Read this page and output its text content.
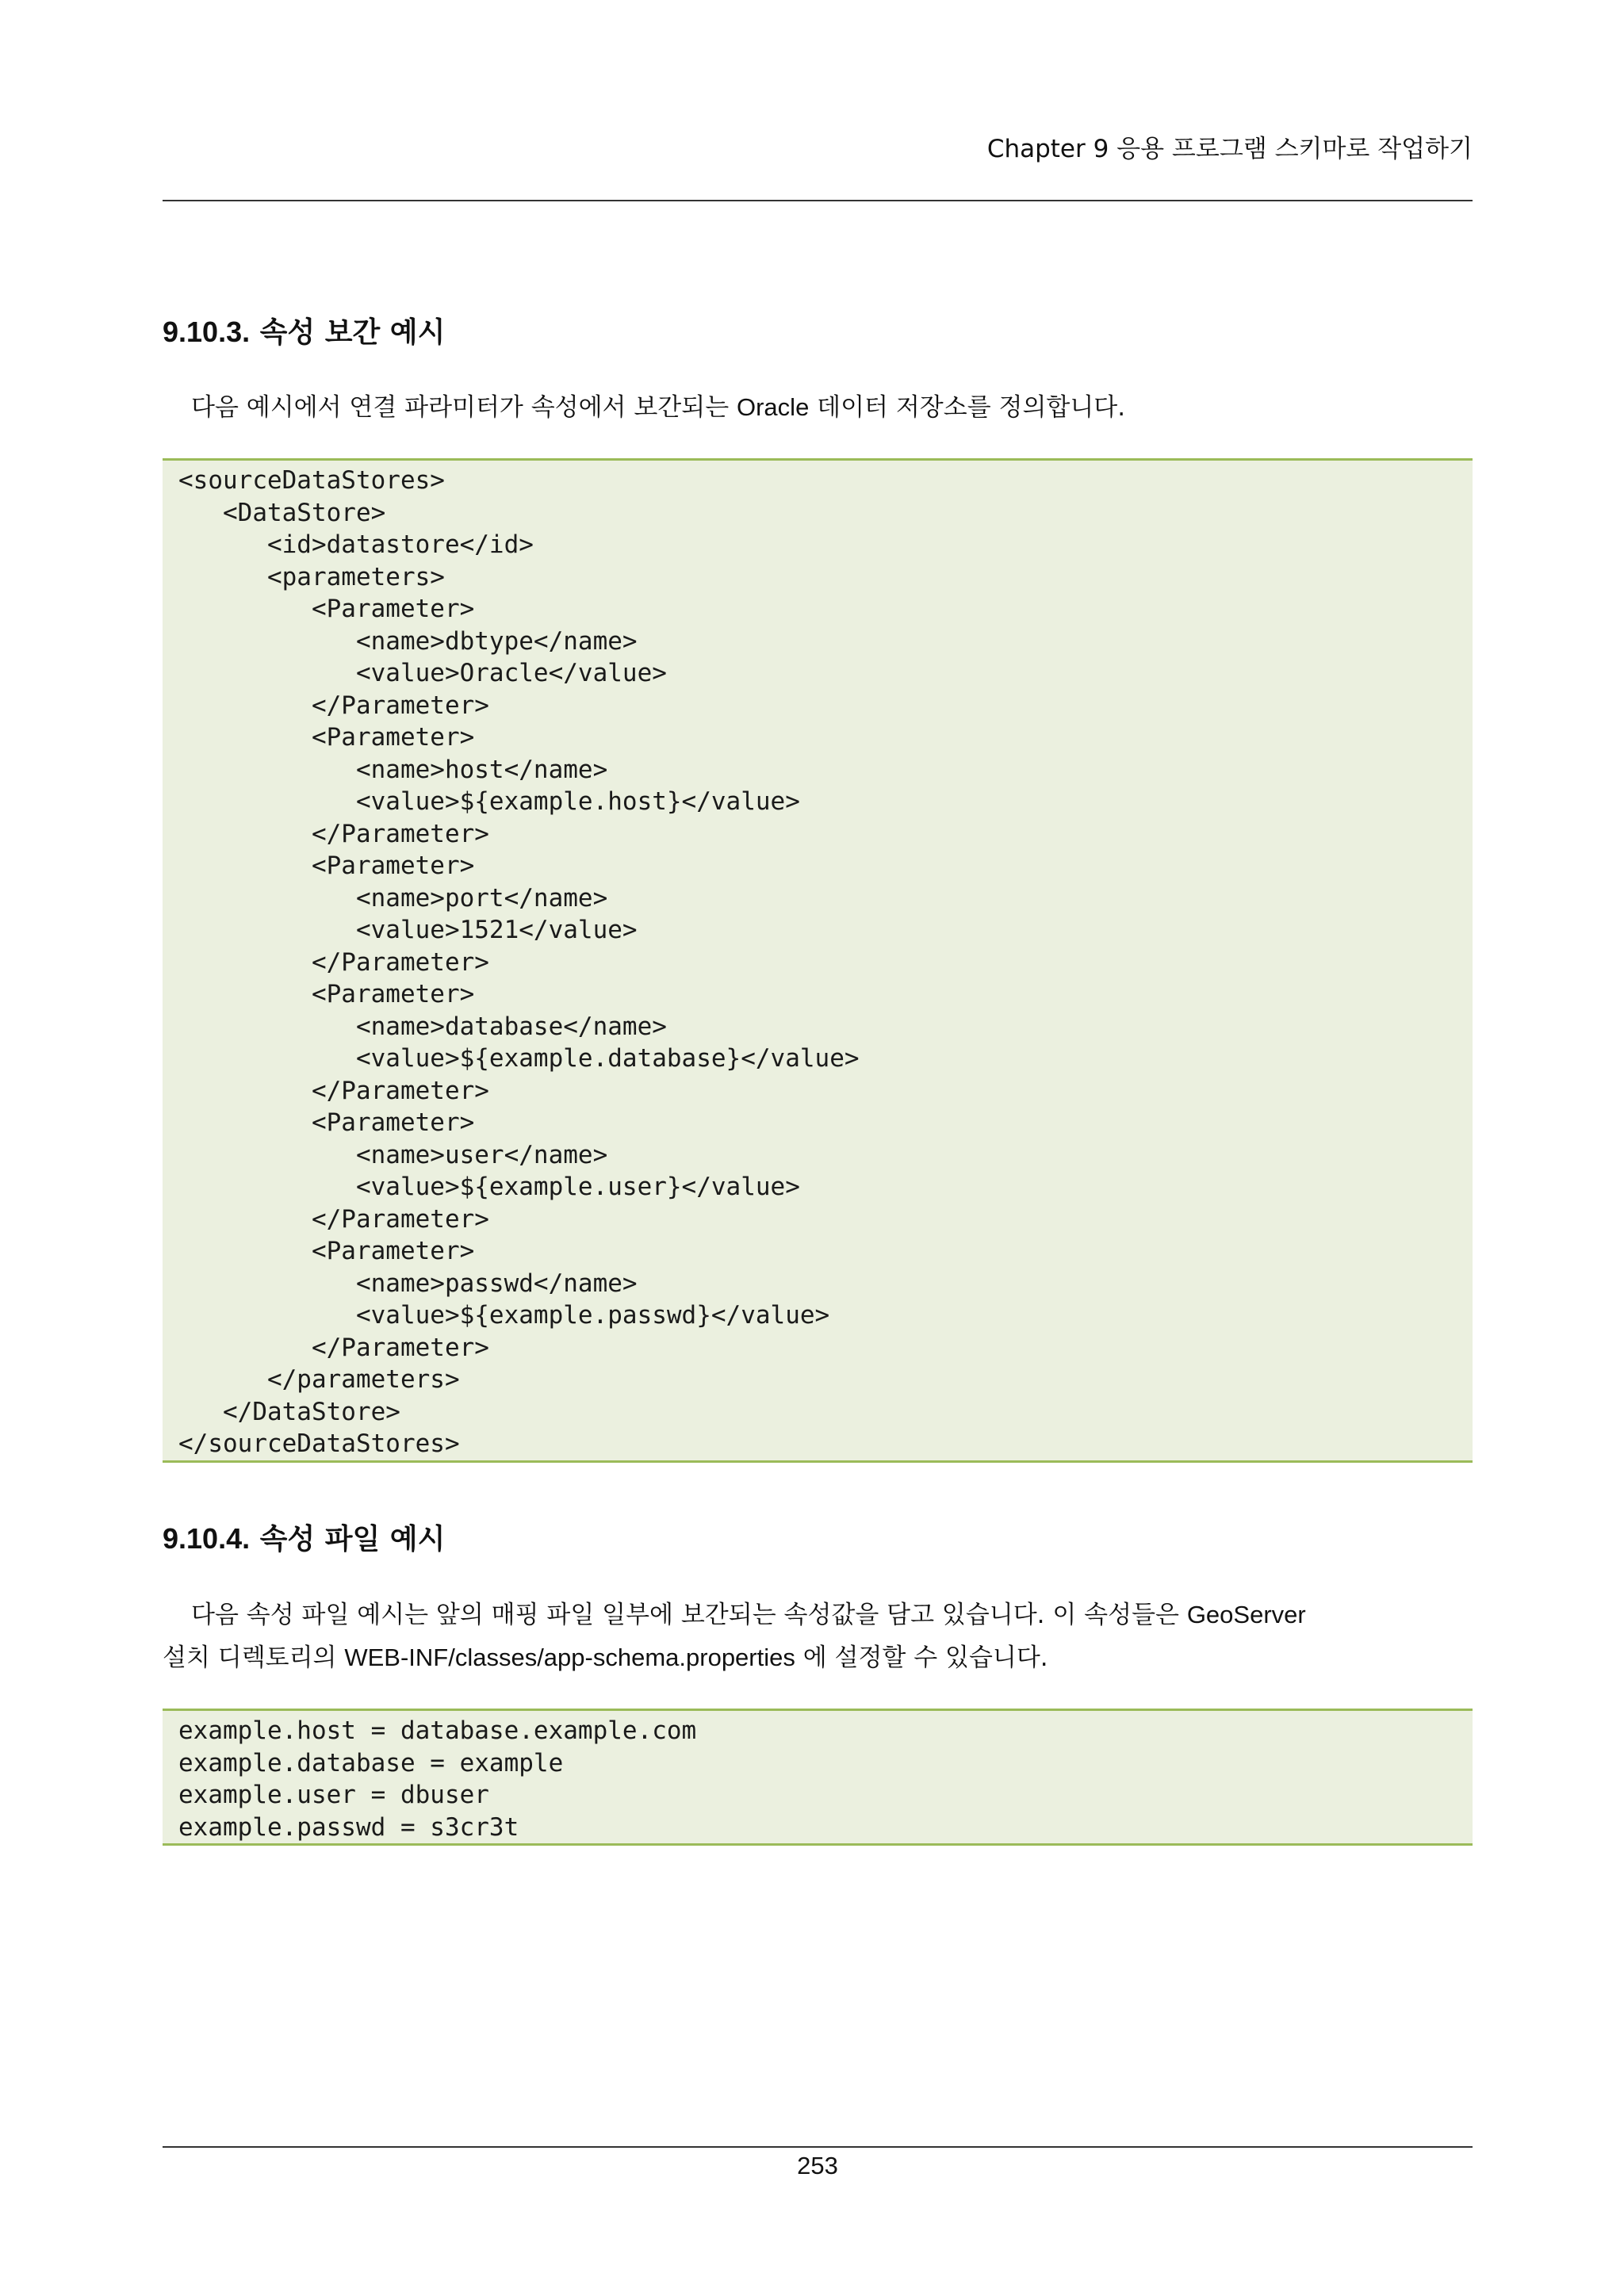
Chapter 9 응용 프로그램 스키마로 작업하기
9.10.3. 속성 보간 예시

다음 예시에서 연결 파라미터가 속성에서 보간되는 Oracle 데이터 저장소를 정의합니다.

<sourceDataStores>
<DataStore>
<id>datastore</id>
<parameters>
<Parameter>
<name>dbtype</name>
<value>Oracle</value>
</Parameter>
<Parameter>
<name>host</name>
<value>${example.host}</value>
</Parameter>
<Parameter>
<name>port</name>
<value>1521</value>
</Parameter>
<Parameter>
<name>database</name>
<value>${example.database}</value>
</Parameter>
<Parameter>
<name>user</name>
<value>${example.user}</value>
</Parameter>
<Parameter>
<name>passwd</name>
<value>${example.passwd}</value>
</Parameter>
</parameters>
</DataStore>
</sourceDataStores>
9.10.4. 속성 파일 예시

다음 속성 파일 예시는 앞의 매핑 파일 일부에 보간되는 속성값을 담고 있습니다. 이 속성들은 GeoServer
설치 디렉토리의 WEB-INF/classes/app-schema.properties 에 설정할 수 있습니다.

example.host = database.example.com
example.database = example
example.user = dbuser
example.passwd = s3cr3t
253
